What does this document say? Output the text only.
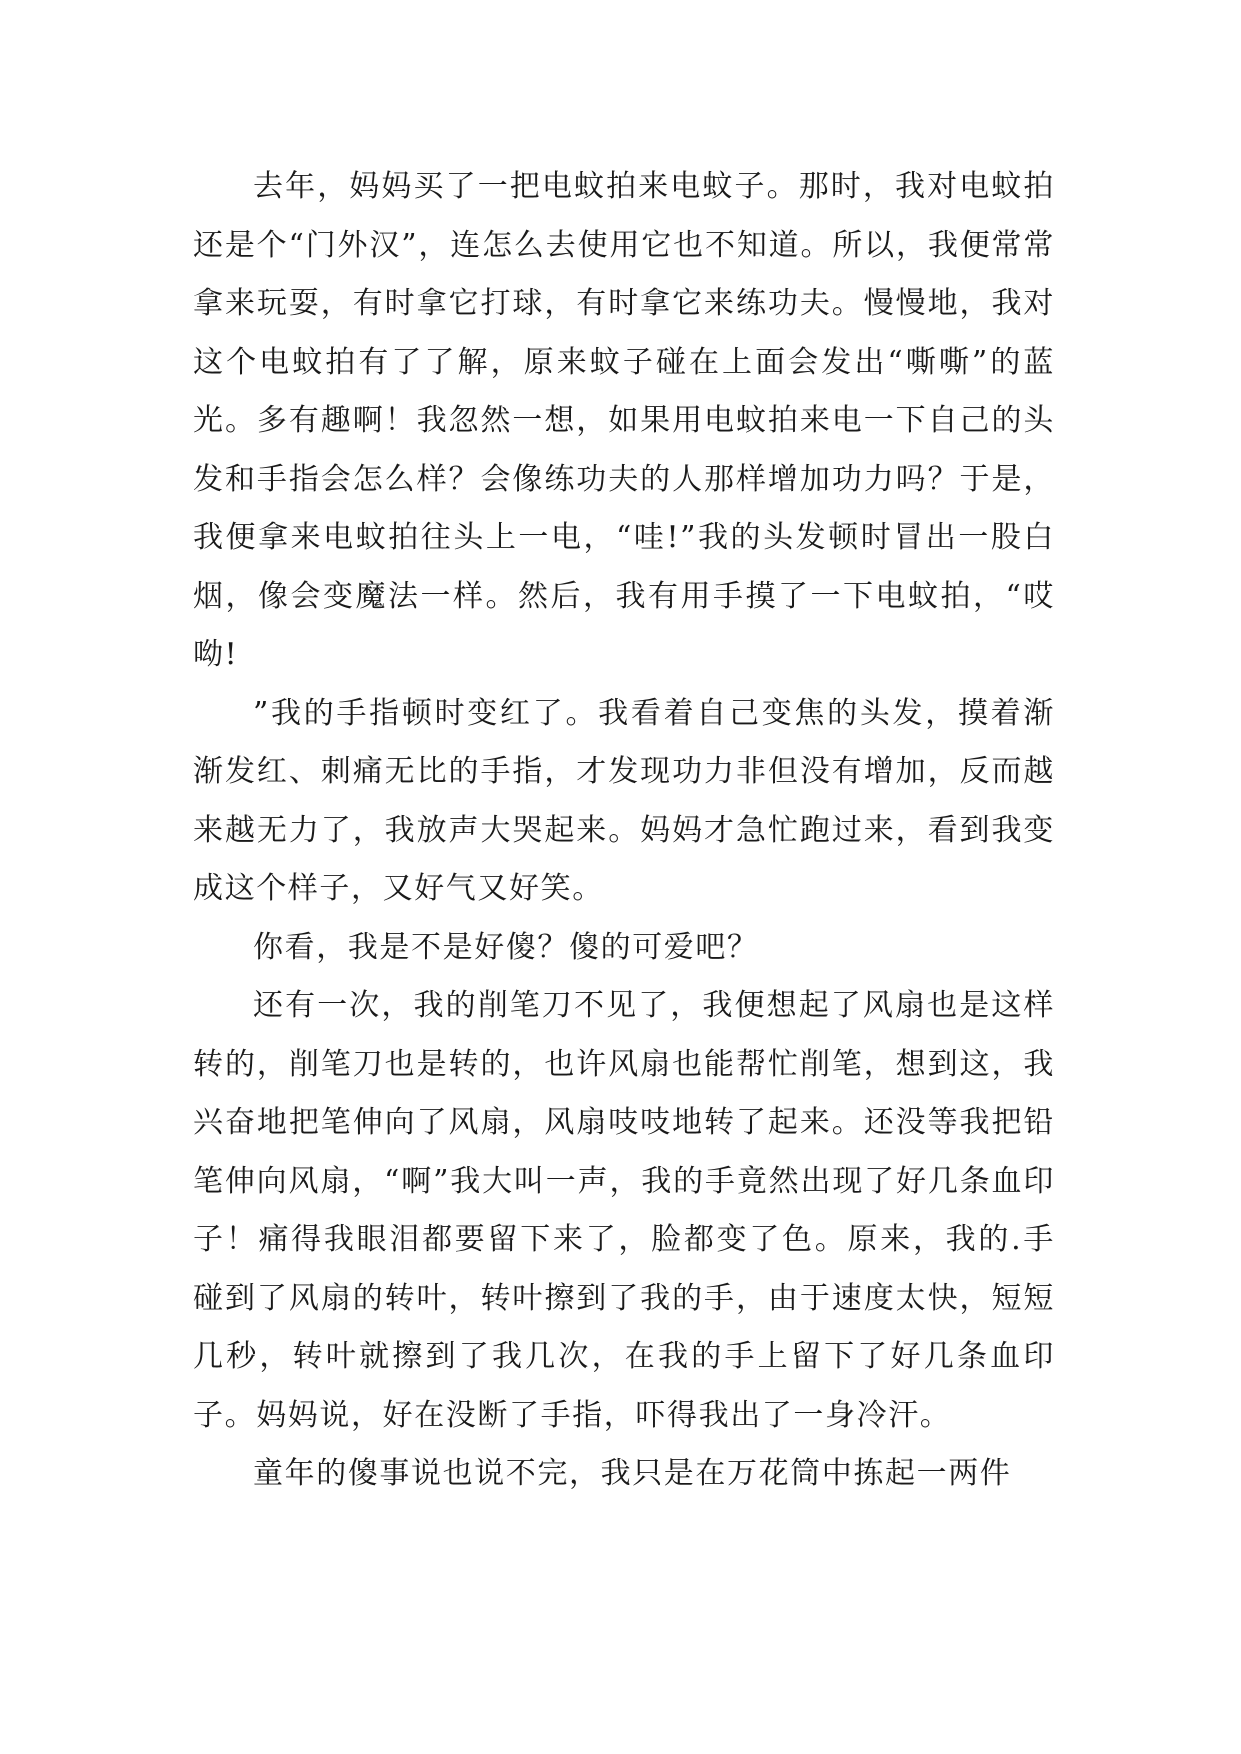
去年，妈妈买了一把电蚊拍来电蚊子。那时，我对电蚊拍还是个“门外汉”，连怎么去使用它也不知道。所以，我便常常拿来玩耍，有时拿它打球，有时拿它来练功夫。慢慢地，我对这个电蚊拍有了了解，原来蚊子碰在上面会发出“嘶嘶”的蓝光。多有趣啊！我忽然一想，如果用电蚊拍来电一下自己的头发和手指会怎么样？会像练功夫的人那样增加功力吗？于是，我便拿来电蚊拍往头上一电，“哇!”我的头发顿时冒出一股白烟，像会变魔法一样。然后，我有用手摸了一下电蚊拍，“哎呦!

”我的手指顿时变红了。我看着自己变焦的头发，摸着渐渐发红、刺痛无比的手指，才发现功力非但没有增加，反而越来越无力了，我放声大哭起来。妈妈才急忙跑过来，看到我变成这个样子，又好气又好笑。

你看，我是不是好傻？傻的可爱吧？

还有一次，我的削笔刀不见了，我便想起了风扇也是这样转的，削笔刀也是转的，也许风扇也能帮忙削笔，想到这，我兴奋地把笔伸向了风扇，风扇吱吱地转了起来。还没等我把铅笔伸向风扇，“啊”我大叫一声，我的手竟然出现了好几条血印子！痛得我眼泪都要留下来了，脸都变了色。原来，我的.手碰到了风扇的转叶，转叶擦到了我的手，由于速度太快，短短几秒，转叶就擦到了我几次，在我的手上留下了好几条血印子。妈妈说，好在没断了手指，吓得我出了一身冷汗。

童年的傻事说也说不完，我只是在万花筒中拣起一两件
